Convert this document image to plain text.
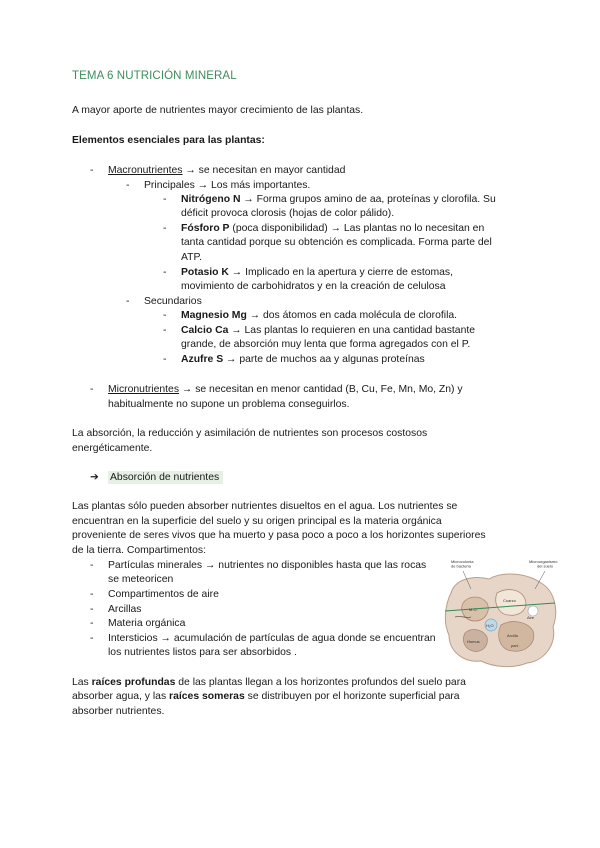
TEMA 6 NUTRICIÓN MINERAL
A mayor aporte de nutrientes mayor crecimiento de las plantas.
Elementos esenciales para las plantas:
- Macronutrientes → se necesitan en mayor cantidad
- Principales → Los más importantes.
- Nitrógeno N → Forma grupos amino de aa, proteínas y clorofila. Su
déficit provoca clorosis (hojas de color pálido).
- Fósforo P (poca disponibilidad) → Las plantas no lo necesitan en
tanta cantidad porque su obtención es complicada. Forma parte del
ATP.
- Potasio K → Implicado en la apertura y cierre de estomas,
movimiento de carbohidratos y en la creación de celulosa
- Secundarios
- Magnesio Mg → dos átomos en cada molécula de clorofila.
- Calcio Ca → Las plantas lo requieren en una cantidad bastante
grande, de absorción muy lenta que forma agregados con el P.
- Azufre S → parte de muchos aa y algunas proteínas
- Micronutrientes → se necesitan en menor cantidad (B, Cu, Fe, Mn, Mo, Zn) y
habitualmente no supone un problema conseguirlos.
La absorción, la reducción y asimilación de nutrientes son procesos costosos
energéticamente.
➔ Absorción de nutrientes
Las plantas sólo pueden absorber nutrientes disueltos en el agua. Los nutrientes se
encuentran en la superficie del suelo y su origen principal es la materia orgánica
proveniente de seres vivos que ha muerto y pasa poco a poco a los horizontes superiores
de la tierra. Compartimentos:
- Partículas minerales → nutrientes no disponibles hasta que las rocas
se meteoricen
- Compartimentos de aire
- Arcillas
- Materia orgánica
- Intersticios → acumulación de partículas de agua donde se encuentran
los nutrientes listos para ser absorbidos .
Microcolonia
de bacteria
Microorganismo
del suelo
Cuarzo
H₂O
Aire
Arcilla
Humus
M.O.
part.
Las raíces profundas de las plantas llegan a los horizontes profundos del suelo para
absorber agua, y las raíces someras se distribuyen por el horizonte superficial para
absorber nutrientes.
